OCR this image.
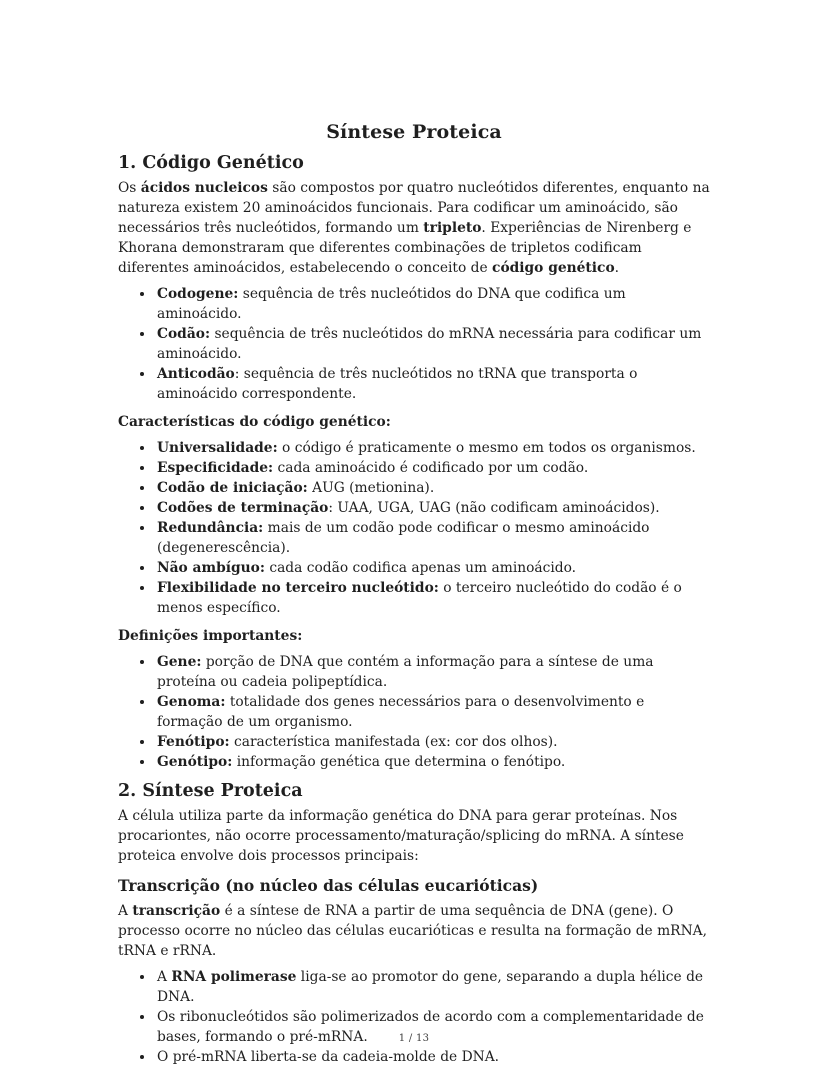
Síntese Proteica
1. Código Genético

Os ácidos nucleicos são compostos por quatro nucleótidos diferentes, enquanto na natureza existem 20 aminoácidos funcionais. Para codificar um aminoácido, são necessários três nucleótidos, formando um tripleto. Experiências de Nirenberg e Khorana demonstraram que diferentes combinações de tripletos codificam diferentes aminoácidos, estabelecendo o conceito de código genético.

• Codogene: sequência de três nucleótidos do DNA que codifica um aminoácido.
• Codão: sequência de três nucleótidos do mRNA necessária para codificar um aminoácido.
• Anticodão: sequência de três nucleótidos no tRNA que transporta o aminoácido correspondente.

Características do código genético:

• Universalidade: o código é praticamente o mesmo em todos os organismos.
• Especificidade: cada aminoácido é codificado por um codão.
• Codão de iniciação: AUG (metionina).
• Codões de terminação: UAA, UGA, UAG (não codificam aminoácidos).
• Redundância: mais de um codão pode codificar o mesmo aminoácido (degenerescência).
• Não ambíguo: cada codão codifica apenas um aminoácido.
• Flexibilidade no terceiro nucleótido: o terceiro nucleótido do codão é o menos específico.

Definições importantes:

• Gene: porção de DNA que contém a informação para a síntese de uma proteína ou cadeia polipeptídica.
• Genoma: totalidade dos genes necessários para o desenvolvimento e formação de um organismo.
• Fenótipo: característica manifestada (ex: cor dos olhos).
• Genótipo: informação genética que determina o fenótipo.
2. Síntese Proteica

A célula utiliza parte da informação genética do DNA para gerar proteínas. Nos procariontes, não ocorre processamento/maturação/splicing do mRNA. A síntese proteica envolve dois processos principais:

Transcrição (no núcleo das células eucarióticas)

A transcrição é a síntese de RNA a partir de uma sequência de DNA (gene). O processo ocorre no núcleo das células eucarióticas e resulta na formação de mRNA, tRNA e rRNA.

• A RNA polimerase liga-se ao promotor do gene, separando a dupla hélice de DNA.
• Os ribonucleótidos são polimerizados de acordo com a complementaridade de bases, formando o pré-mRNA.
• O pré-mRNA liberta-se da cadeia-molde de DNA.
1 / 13
